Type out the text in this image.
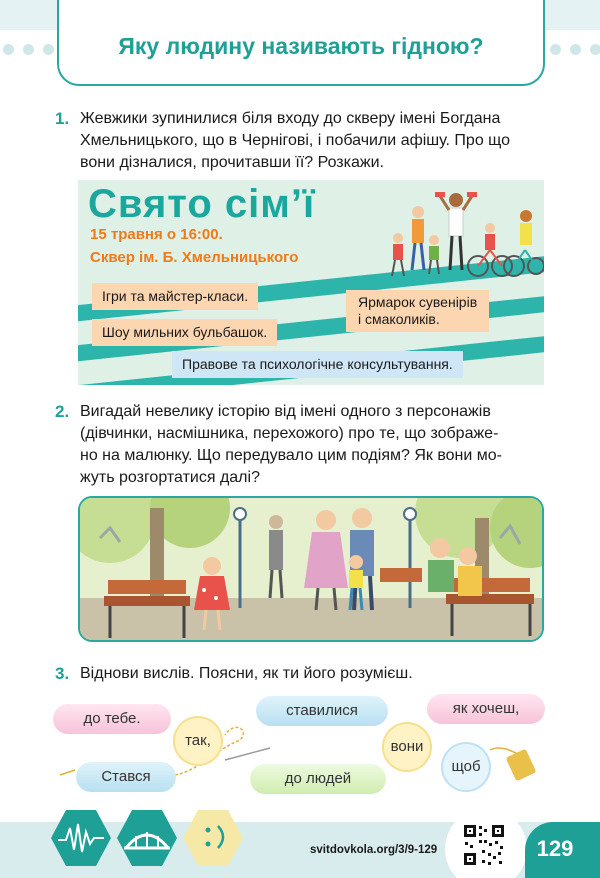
Яку людину називають гідною?
1. Жевжики зупинилися біля входу до скверу імені Богдана
Хмельницького, що в Чернігові, і побачили афішу. Про що
вони дізналися, прочитавши її? Розкажи.
Свято сім’ї
15 травня о 16:00.
Сквер ім. Б. Хмельницького
Ігри та майстер-класи.
Шоу мильних бульбашок.
Ярмарок сувенірів
і смаколиків.
Правове та психологічне консультування.
2. Вигадай невелику історію від імені одного з персонажів
(дівчинки, насмішника, перехожого) про те, що зображе-
но на малюнку. Що передувало цим подіям? Як вони мо-
жуть розгортатися далі?
3. Віднови вислів. Поясни, як ти його розумієш.
до тебе.
так,
ставилися
вони
як хочеш,
Стався	до людей
щоб
svitdovkola.org/3/9-129	129
